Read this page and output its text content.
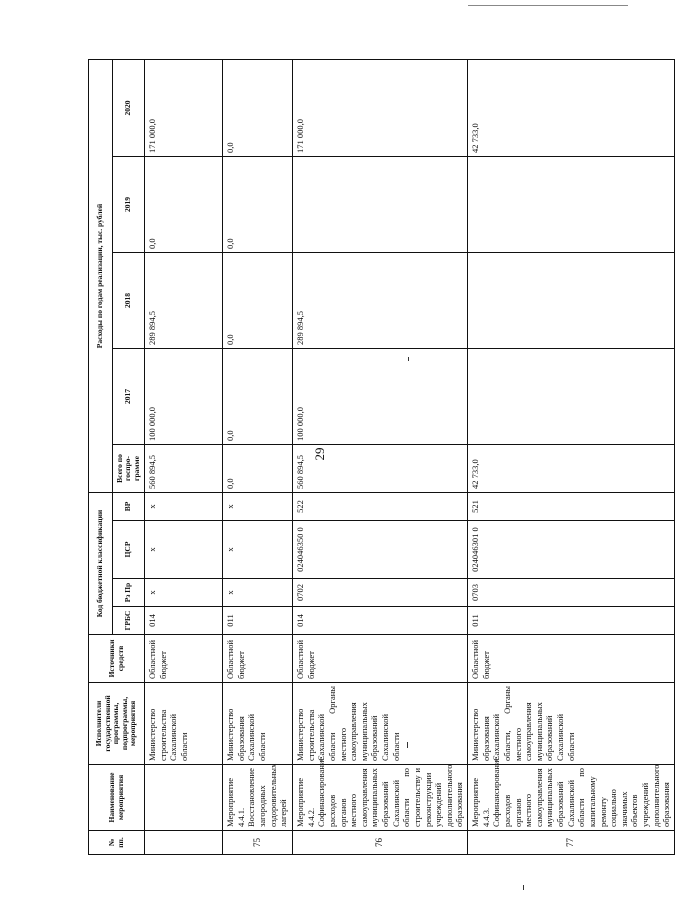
29
№ пп.	Наименование мероприятия	Исполнители государственной программы, подпрограммы, мероприятия	Источники средств	Код бюджетной классификации				Расходы по годам реализации, тыс. рублей				
				ГРБС	Рз Пр	ЦСР	ВР	Всего по госпро-грамме	2017	2018	2019	2020
		Министерство строительства Сахалинской области	Областной бюджет	014	x	x	x	560 894,5	100 000,0	289 894,5	0,0	171 000,0
75	Мероприятие 4.4.1. Восстановление загородных оздоровительных лагерей	Министерство образования Сахалинской области	Областной бюджет	011	x	x	x	0,0	0,0	0,0	0,0	0,0
76	Мероприятие 4.4.2. Софинансирование расходов органов местного самоуправления муниципальных образований Сахалинской области по строительству и реконструкции учреждений дополнительного образования	Министерство строительства Сахалинской области Органы местного самоуправления муниципальных образований Сахалинской области	Областной бюджет	014	0702	024046350 0	522	560 894,5	100 000,0	289 894,5		171 000,0
77	Мероприятие 4.4.3. Софинансирование расходов органов местного самоуправления муниципальных образований Сахалинской области по капитальному ремонту социально значимых объектов учреждений дополнительного образования	Министерство образования Сахалинской области, Органы местного самоуправления муниципальных образований Сахалинской области	Областной бюджет	011	0703	024046301 0	521	42 733,0				42 733,0
